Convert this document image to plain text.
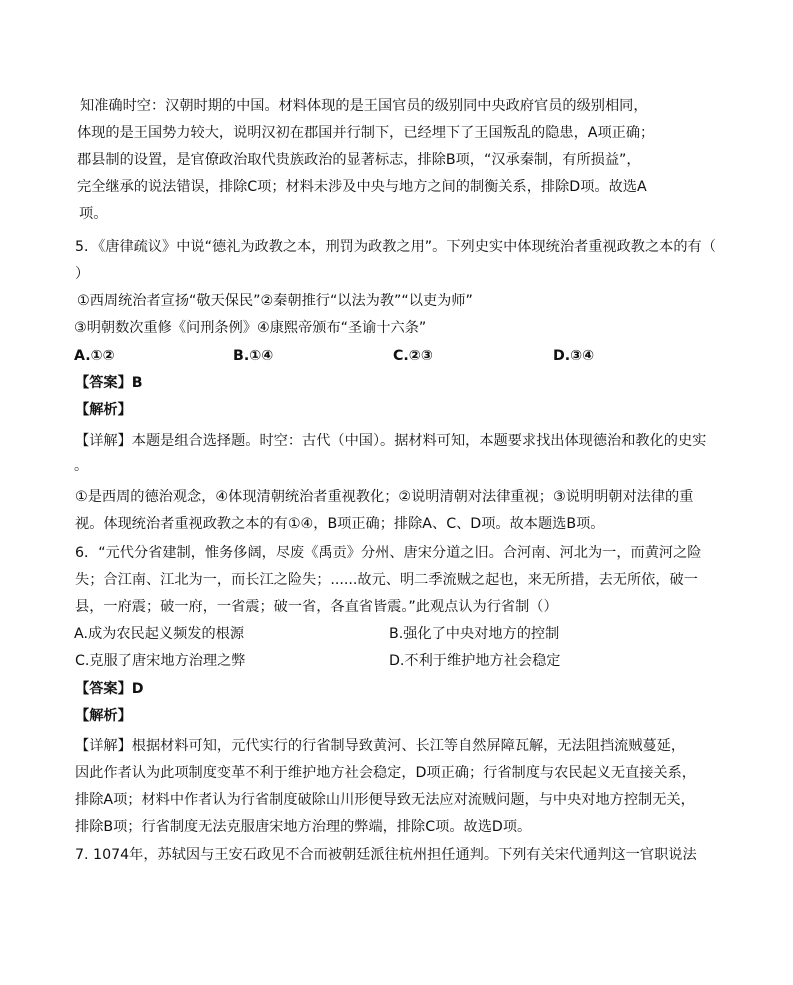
知准确时空：汉朝时期的中国。材料体现的是王国官员的级别同中央政府官员的级别相同，
体现的是王国势力较大，说明汉初在郡国并行制下，已经埋下了王国叛乱的隐患，A项正确；
郡县制的设置，是官僚政治取代贵族政治的显著标志，排除B项，“汉承秦制，有所损益”，
完全继承的说法错误，排除C项；材料未涉及中央与地方之间的制衡关系，排除D项。故选A
项。
5．《唐律疏议》中说“德礼为政教之本，刑罚为政教之用”。下列史实中体现统治者重视政教之本的有（
）
①西周统治者宣扬“敬天保民”②秦朝推行“以法为教”“以吏为师”
③明朝数次重修《问刑条例》④康熙帝颁布“圣谕十六条”
A.①②	B.①④	C.②③	D.③④
【答案】B
【解析】
【详解】本题是组合选择题。时空：古代（中国）。据材料可知，本题要求找出体现德治和教化的史实
。
①是西周的德治观念，④体现清朝统治者重视教化；②说明清朝对法律重视；③说明明朝对法律的重
视。体现统治者重视政教之本的有①④，B项正确；排除A、C、D项。故本题选B项。
6．“元代分省建制，惟务侈阔，尽废《禹贡》分州、唐宋分道之旧。合河南、河北为一，而黄河之险
失；合江南、江北为一，而长江之险失；......故元、明二季流贼之起也，来无所措，去无所依，破一
县，一府震；破一府，一省震；破一省，各直省皆震。”此观点认为行省制（）
A.成为农民起义频发的根源	B.强化了中央对地方的控制
C.克服了唐宋地方治理之弊	D.不利于维护地方社会稳定
【答案】D
【解析】
【详解】根据材料可知，元代实行的行省制导致黄河、长江等自然屏障瓦解，无法阻挡流贼蔓延，
因此作者认为此项制度变革不利于维护地方社会稳定，D项正确；行省制度与农民起义无直接关系，
排除A项；材料中作者认为行省制度破除山川形便导致无法应对流贼问题，与中央对地方控制无关，
排除B项；行省制度无法克服唐宋地方治理的弊端，排除C项。故选D项。
7. 1074年，苏轼因与王安石政见不合而被朝廷派往杭州担任通判。下列有关宋代通判这一官职说法
